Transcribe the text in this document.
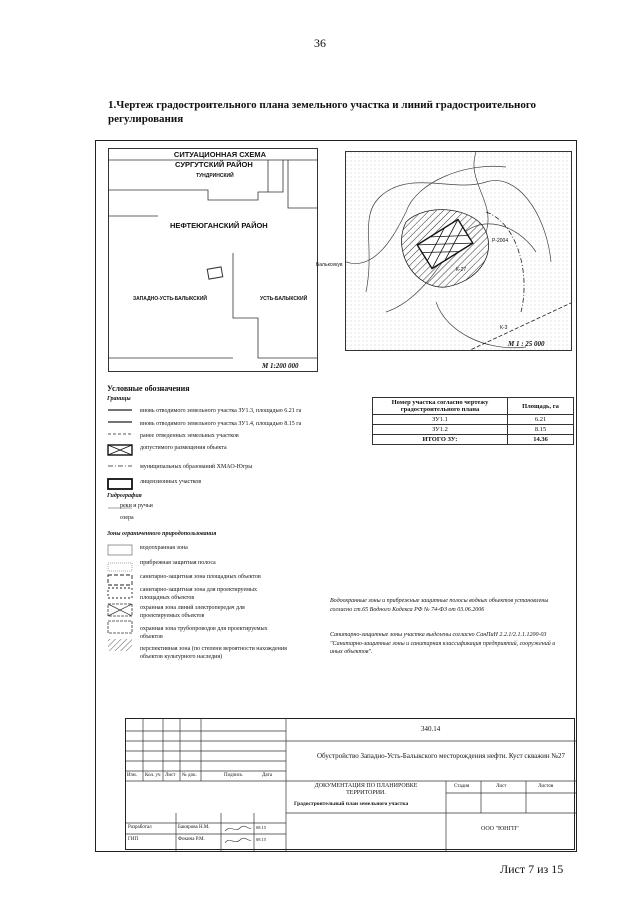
36
1.Чертеж градостроительного плана земельного участка и линий градостроительного регулирования
СИТУАЦИОННАЯ СХЕМА
СУРГУТСКИЙ РАЙОН
ТУНДРИНСКИЙ
НЕФТЕЮГАНСКИЙ РАЙОН
ЗАПАДНО-УСТЬ-БАЛЫКСКИЙ	УСТЬ-БАЛЫКСКИЙ
М 1:200 000
К-27
Р-2004
К-3
Бальксекув
М 1 : 25 000
Условные обозначения
Границы
вновь отводимого земельного участка ЗУ1.3, площадью 6.21 га
вновь отводимого земельного участка ЗУ1.4, площадью 8.15 га
ранее отведенных земельных участков
допустимого размещения объекта
муниципальных образований ХМАО-Югры
лицензионных участков
Гидрография
реки и ручьи
озера
Зоны ограниченного природопользования
водоохранная зона
прибрежная защитная полоса
санитарно-защитная зона площадных объектов
санитарно-защитная зона для проектируемых площадных объектов
охранная зона линий электропередач для проектируемых объектов
охранная зона трубопроводов для проектируемых объектов
перспективная зона (по степени вероятности нахождения объектов культурного наследия)
Номер участка согласно чертежу градостроительного плана	Площадь, га
ЗУ1.1	6.21
ЗУ1.2	8.15
ИТОГО ЗУ:	14.36
Водоохранные зоны и прибрежные защитные полосы водных объектов установлены согласно ст.65 Водного Кодекса РФ № 74-ФЗ от 03.06.2006
Санитарно-защитные зоны участка выделены согласно СанПиН 2.2.1/2.1.1.1200-03 "Санитарно-защитные зоны и санитарная классификация предприятий, сооружений и иных объектов".
340.14
Обустройство Западно-Усть-Балыкского месторождения нефти. Куст скважин №27
Изм. Кол. уч Лист № док.	Подпись	Дата
ДОКУМЕНТАЦИЯ ПО ПЛАНИРОВКЕ ТЕРРИТОРИИ.
Градостроительный план земельного участка
Стадия	Лист	Листов
ООО "ЮНГП"
Разработал	Бакирова Н.М.	08.15
ГИП	Фокина Р.М.	08.15
Лист 7 из 15
